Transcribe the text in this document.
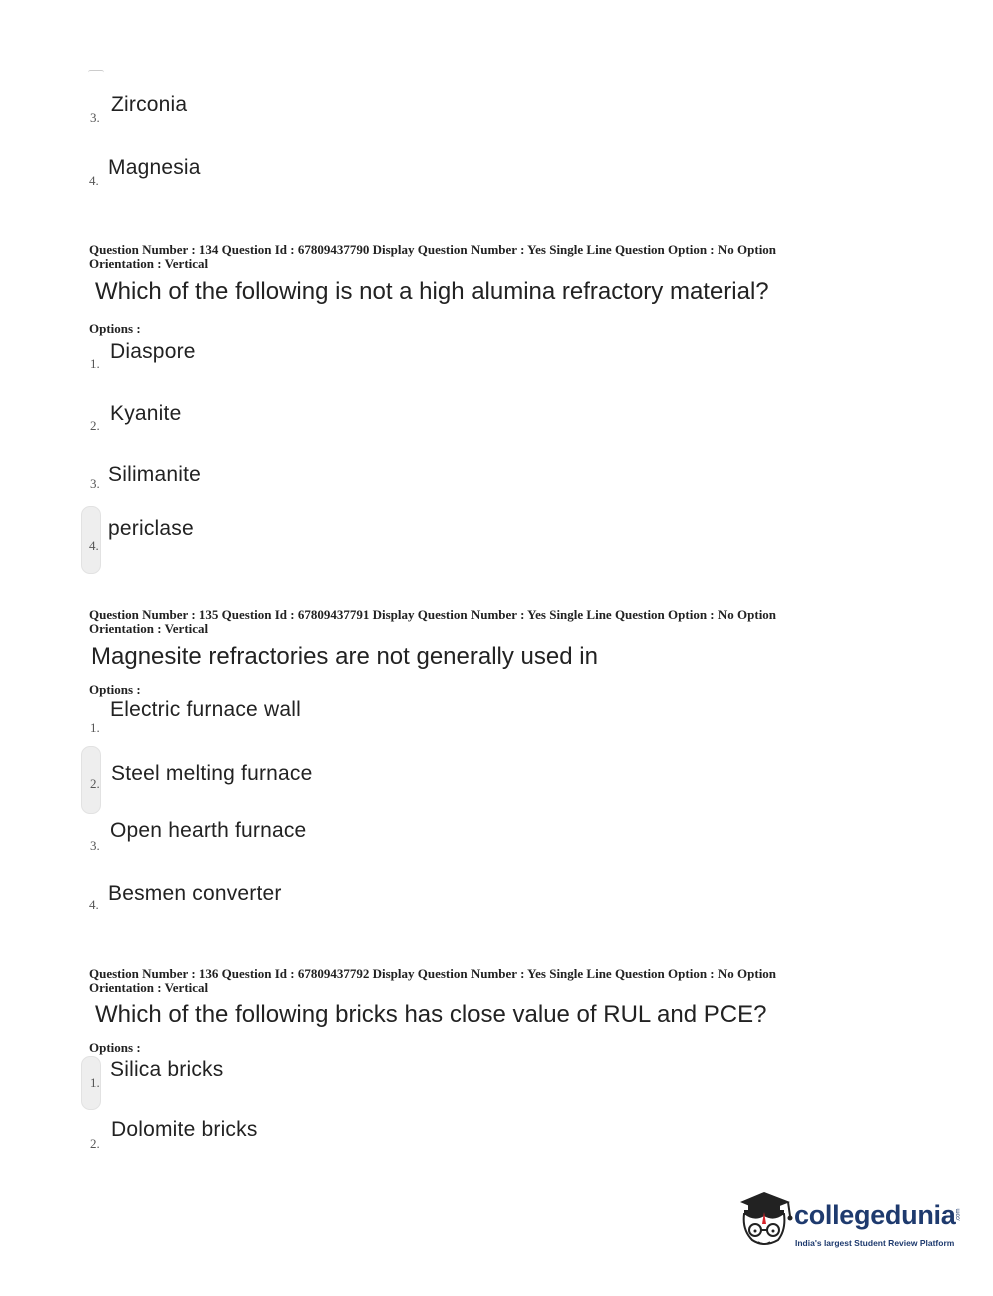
3.
Zirconia
4.
Magnesia
Question Number : 134 Question Id : 67809437790 Display Question Number : Yes Single Line Question Option : No Option
Orientation : Vertical
Which of the following is not a high alumina refractory material?
Options :
1.
Diaspore
2.
Kyanite
3. Silimanite
4.
periclase
Question Number : 135 Question Id : 67809437791 Display Question Number : Yes Single Line Question Option : No Option
Orientation : Vertical
Magnesite refractories are not generally used in
Options :
1.
Electric furnace wall
2. Steel melting furnace
3.
Open hearth furnace
4. Besmen converter
Question Number : 136 Question Id : 67809437792 Display Question Number : Yes Single Line Question Option : No Option
Orientation : Vertical
Which of the following bricks has close value of RUL and PCE?
Options :
1.
Silica bricks
2.
Dolomite bricks
collegedunia .com
India's largest Student Review Platform
